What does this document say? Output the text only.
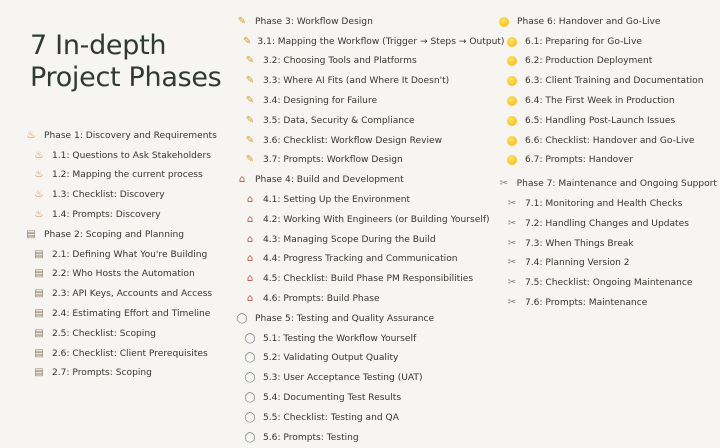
7 In-depth
Project Phases
♨ Phase 1: Discovery and Requirements
♨ 1.1: Questions to Ask Stakeholders
♨ 1.2: Mapping the current process
♨ 1.3: Checklist: Discovery
♨ 1.4: Prompts: Discovery
▤ Phase 2: Scoping and Planning
▤ 2.1: Defining What You're Building
▤ 2.2: Who Hosts the Automation
▤ 2.3: API Keys, Accounts and Access
▤ 2.4: Estimating Effort and Timeline
▤ 2.5: Checklist: Scoping
▤ 2.6: Checklist: Client Prerequisites
▤ 2.7: Prompts: Scoping
✎ Phase 3: Workflow Design
✎ 3.1: Mapping the Workflow (Trigger → Steps → Output)
✎ 3.2: Choosing Tools and Platforms
✎ 3.3: Where AI Fits (and Where It Doesn't)
✎ 3.4: Designing for Failure
✎ 3.5: Data, Security & Compliance
✎ 3.6: Checklist: Workflow Design Review
✎ 3.7: Prompts: Workflow Design
⌂	Phase 4: Build and Development
⌂	4.1: Setting Up the Environment
⌂	4.2: Working With Engineers (or Building Yourself)
⌂	4.3: Managing Scope During the Build
⌂	4.4: Progress Tracking and Communication
⌂	4.5: Checklist: Build Phase PM Responsibilities
⌂	4.6: Prompts: Build Phase
◯ Phase 5: Testing and Quality Assurance
◯ 5.1: Testing the Workflow Yourself
◯ 5.2: Validating Output Quality
◯ 5.3: User Acceptance Testing (UAT)
◯ 5.4: Documenting Test Results
◯ 5.5: Checklist: Testing and QA
◯ 5.6: Prompts: Testing
Phase 6: Handover and Go-Live
6.1: Preparing for Go-Live
6.2: Production Deployment
6.3: Client Training and Documentation
6.4: The First Week in Production
6.5: Handling Post-Launch Issues
6.6: Checklist: Handover and Go-Live
6.7: Prompts: Handover
✂ Phase 7: Maintenance and Ongoing Support
✂ 7.1: Monitoring and Health Checks
✂ 7.2: Handling Changes and Updates
✂ 7.3: When Things Break
✂ 7.4: Planning Version 2
✂ 7.5: Checklist: Ongoing Maintenance
✂ 7.6: Prompts: Maintenance
